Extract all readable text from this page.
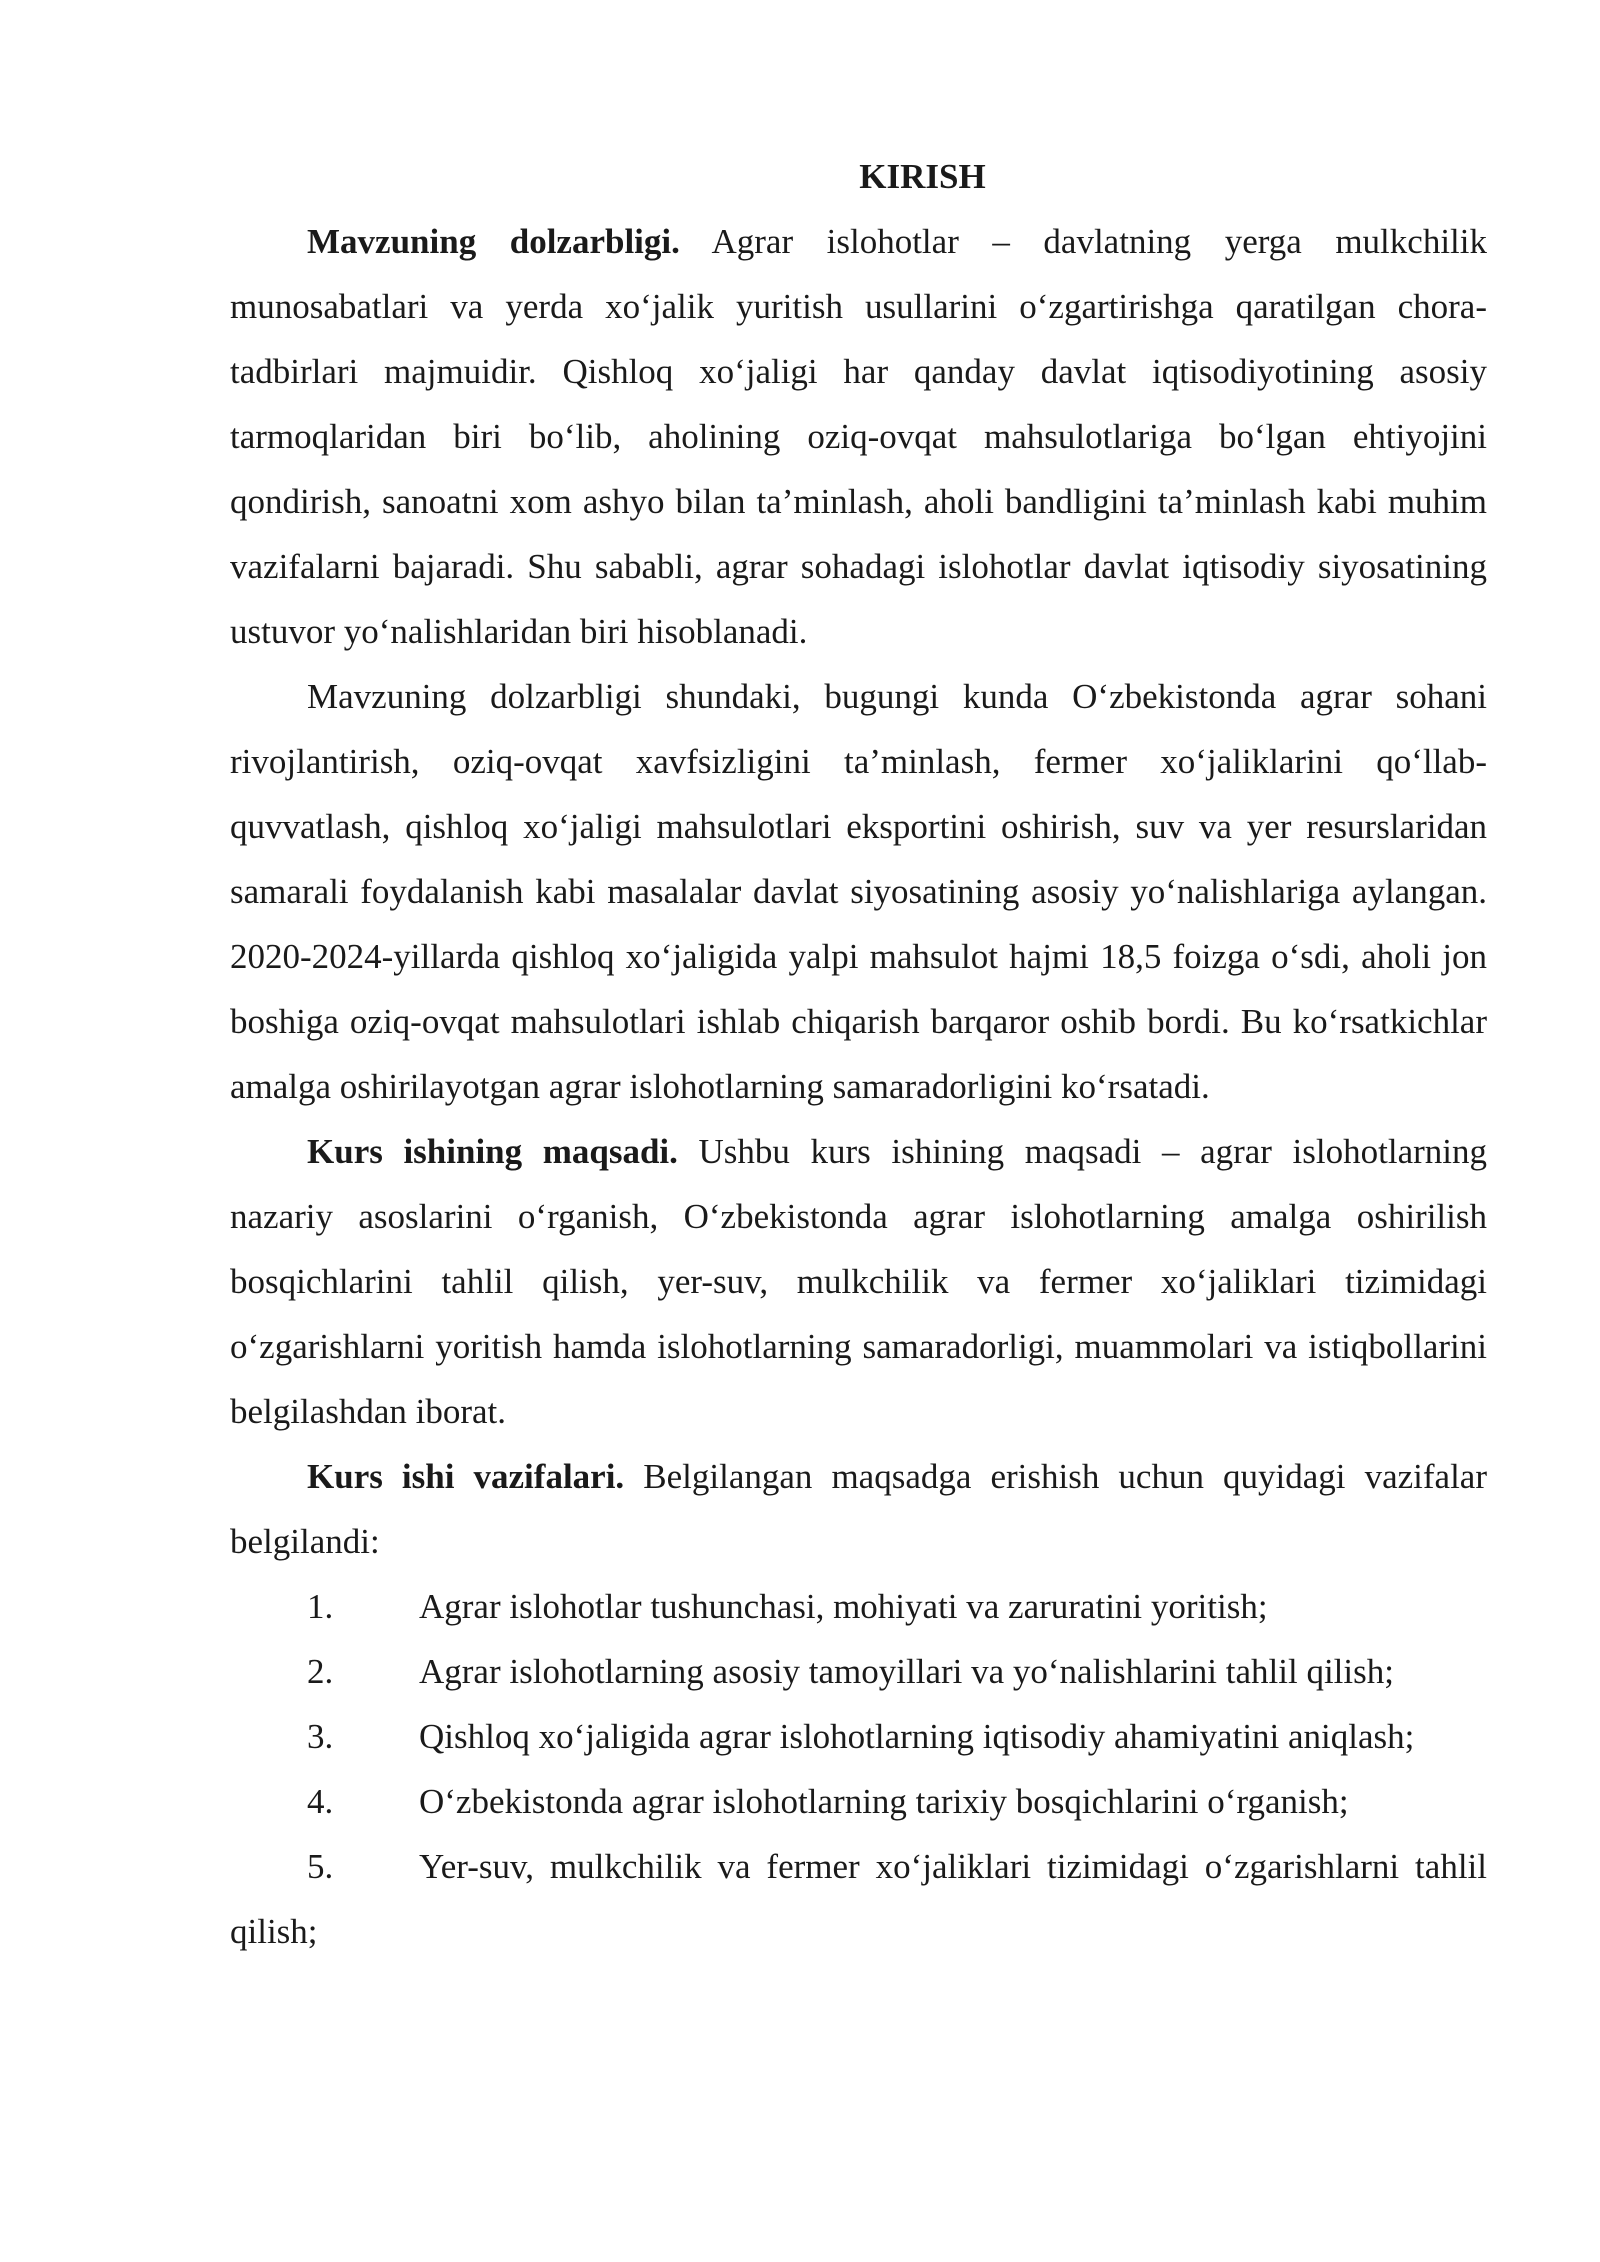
KIRISH

Mavzuning dolzarbligi. Agrar islohotlar – davlatning yerga mulkchilik munosabatlari va yerda xo‘jalik yuritish usullarini o‘zgartirishga qaratilgan chora-tadbirlari majmuidir. Qishloq xo‘jaligi har qanday davlat iqtisodiyotining asosiy tarmoqlaridan biri bo‘lib, aholining oziq-ovqat mahsulotlariga bo‘lgan ehtiyojini qondirish, sanoatni xom ashyo bilan ta’minlash, aholi bandligini ta’minlash kabi muhim vazifalarni bajaradi. Shu sababli, agrar sohadagi islohotlar davlat iqtisodiy siyosatining ustuvor yo‘nalishlaridan biri hisoblanadi.

Mavzuning dolzarbligi shundaki, bugungi kunda O‘zbekistonda agrar sohani rivojlantirish, oziq-ovqat xavfsizligini ta’minlash, fermer xo‘jaliklarini qo‘llab-quvvatlash, qishloq xo‘jaligi mahsulotlari eksportini oshirish, suv va yer resurslaridan samarali foydalanish kabi masalalar davlat siyosatining asosiy yo‘nalishlariga aylangan. 2020-2024-yillarda qishloq xo‘jaligida yalpi mahsulot hajmi 18,5 foizga o‘sdi, aholi jon boshiga oziq-ovqat mahsulotlari ishlab chiqarish barqaror oshib bordi. Bu ko‘rsatkichlar amalga oshirilayotgan agrar islohotlarning samaradorligini ko‘rsatadi.

Kurs ishining maqsadi. Ushbu kurs ishining maqsadi – agrar islohotlarning nazariy asoslarini o‘rganish, O‘zbekistonda agrar islohotlarning amalga oshirilish bosqichlarini tahlil qilish, yer-suv, mulkchilik va fermer xo‘jaliklari tizimidagi o‘zgarishlarni yoritish hamda islohotlarning samaradorligi, muammolari va istiqbollarini belgilashdan iborat.

Kurs ishi vazifalari. Belgilangan maqsadga erishish uchun quyidagi vazifalar belgilandi:

1. Agrar islohotlar tushunchasi, mohiyati va zaruratini yoritish;

2. Agrar islohotlarning asosiy tamoyillari va yo‘nalishlarini tahlil qilish;

3. Qishloq xo‘jaligida agrar islohotlarning iqtisodiy ahamiyatini aniqlash;

4. O‘zbekistonda agrar islohotlarning tarixiy bosqichlarini o‘rganish;

5. Yer-suv, mulkchilik va fermer xo‘jaliklari tizimidagi o‘zgarishlarni tahlil qilish;
